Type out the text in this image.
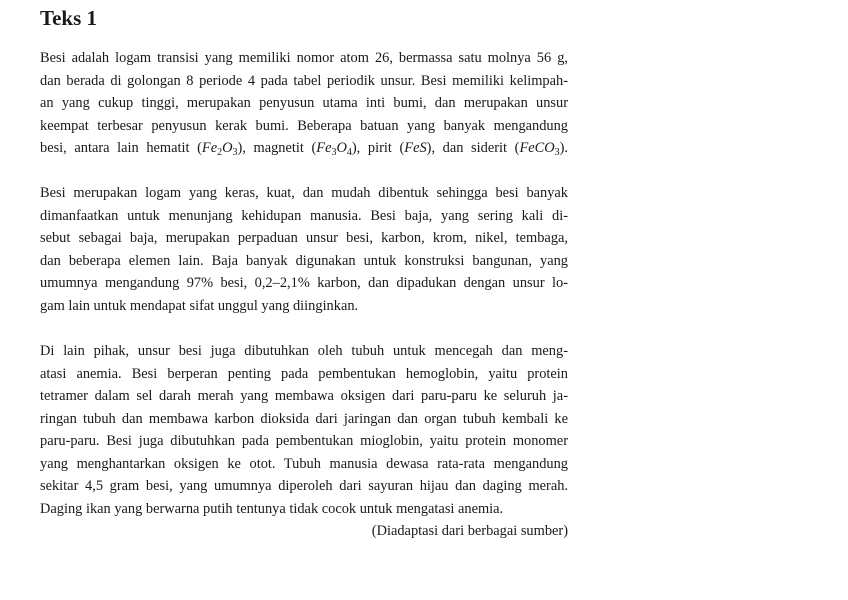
Teks 1

Besi adalah logam transisi yang memiliki nomor atom 26, bermassa satu molnya 56 g,
dan berada di golongan 8 periode 4 pada tabel periodik unsur. Besi memiliki kelimpah-
an yang cukup tinggi, merupakan penyusun utama inti bumi, dan merupakan unsur
keempat terbesar penyusun kerak bumi. Beberapa batuan yang banyak mengandung
besi, antara lain hematit $(Fe_2O_3)$, magnetit $(Fe_3O_4)$, pirit (FeS), dan siderit (FeCO$_3$).

Besi merupakan logam yang keras, kuat, dan mudah dibentuk sehingga besi banyak
dimanfaatkan untuk menunjang kehidupan manusia. Besi baja, yang sering kali di-
sebut sebagai baja, merupakan perpaduan unsur besi, karbon, krom, nikel, tembaga,
dan beberapa elemen lain. Baja banyak digunakan untuk konstruksi bangunan, yang
umumnya mengandung 97% besi, 0,2–2,1% karbon, dan dipadukan dengan unsur lo-
gam lain untuk mendapat sifat unggul yang diinginkan.

Di lain pihak, unsur besi juga dibutuhkan oleh tubuh untuk mencegah dan meng-
atasi anemia. Besi berperan penting pada pembentukan hemoglobin, yaitu protein
tetramer dalam sel darah merah yang membawa oksigen dari paru-paru ke seluruh ja-
ringan tubuh dan membawa karbon dioksida dari jaringan dan organ tubuh kembali ke
paru-paru. Besi juga dibutuhkan pada pembentukan mioglobin, yaitu protein monomer
yang menghantarkan oksigen ke otot. Tubuh manusia dewasa rata-rata mengandung
sekitar 4,5 gram besi, yang umumnya diperoleh dari sayuran hijau dan daging merah.
Daging ikan yang berwarna putih tentunya tidak cocok untuk mengatasi anemia.
(Diadaptasi dari berbagai sumber)
